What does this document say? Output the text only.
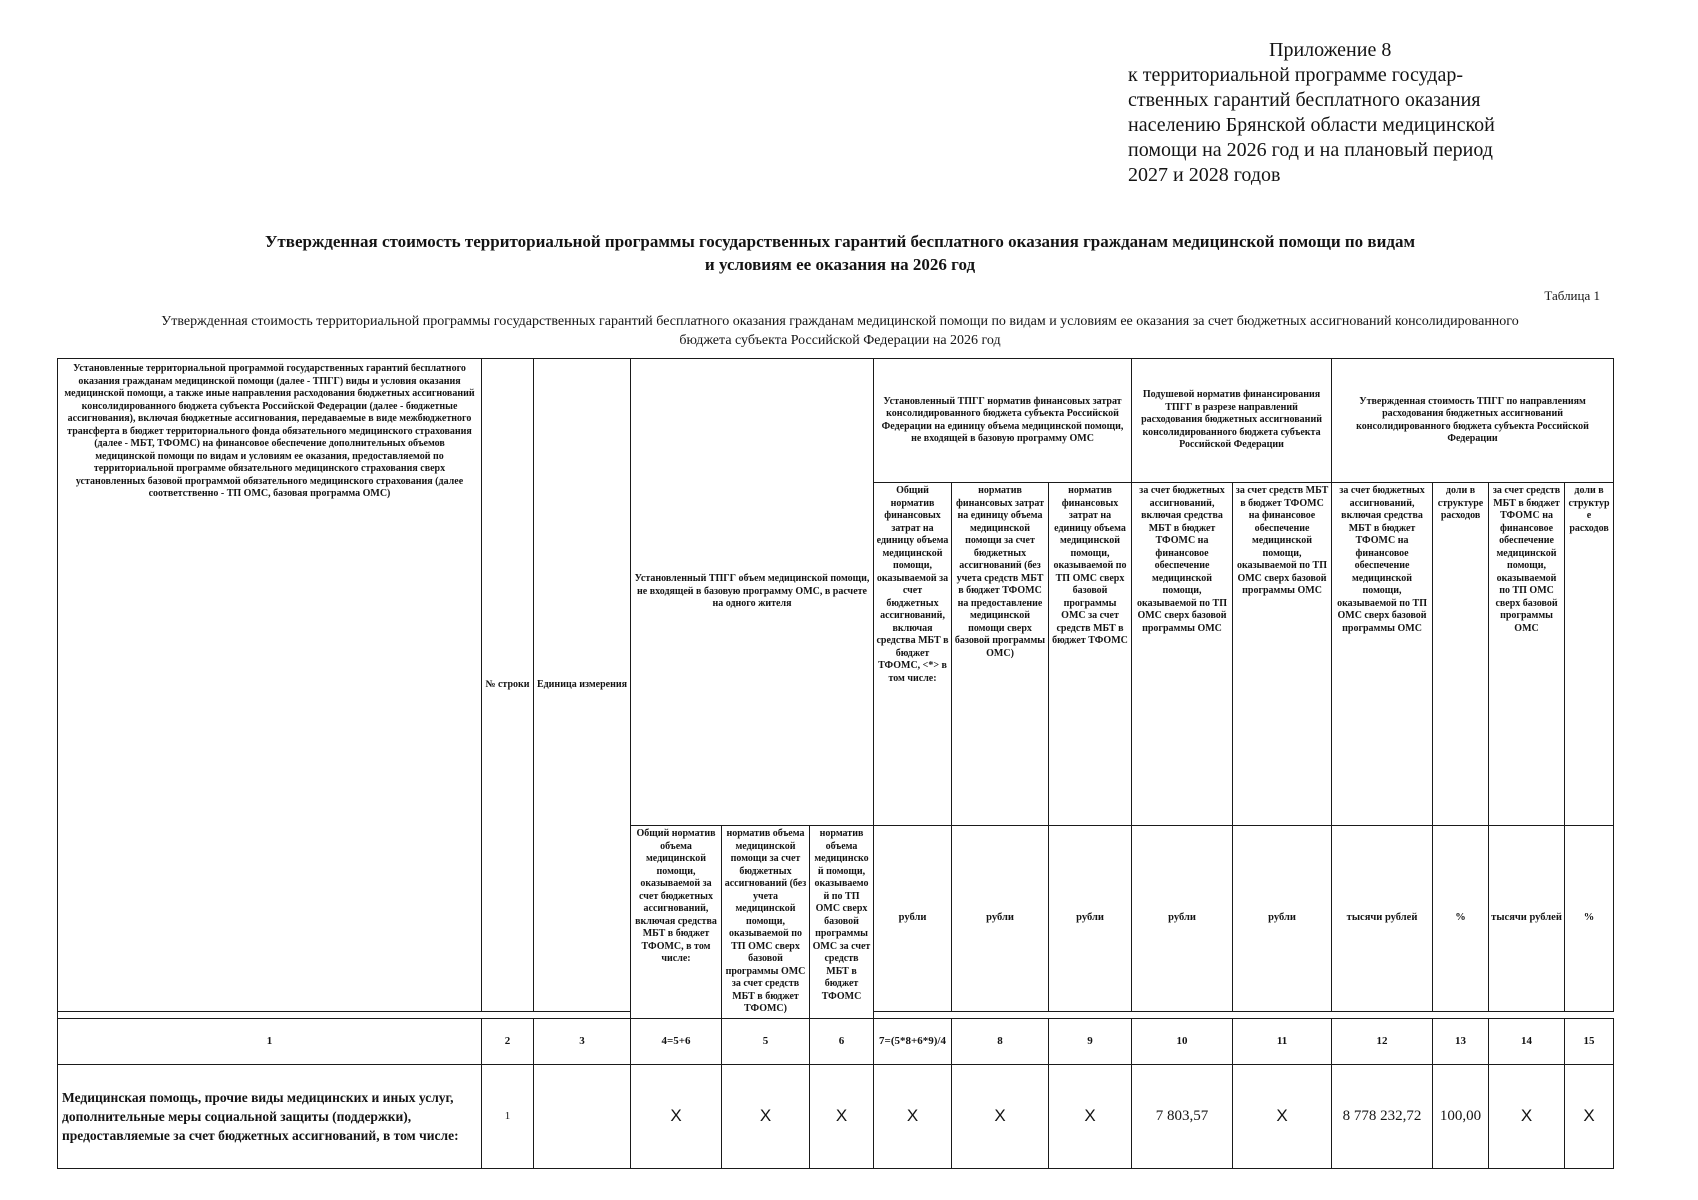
Приложение 8
к территориальной программе государ-
ственных гарантий бесплатного оказания
населению Брянской области медицинской
помощи на 2026 год и на плановый период
2027 и 2028 годов
Утвержденная стоимость территориальной программы государственных гарантий бесплатного оказания гражданам медицинской помощи по видам
и условиям ее оказания на 2026 год
Таблица 1
Утвержденная стоимость территориальной программы государственных гарантий бесплатного оказания гражданам медицинской помощи по видам и условиям ее оказания за счет бюджетных ассигнований консолидированного
бюджета субъекта Российской Федерации на 2026 год
Установленные территориальной программой государственных гарантий бесплатного оказания гражданам медицинской помощи (далее - ТПГГ) виды и условия оказания медицинской помощи, а также иные направления расходования бюджетных ассигнований консолидированного бюджета субъекта Российской Федерации (далее - бюджетные ассигнования), включая бюджетные ассигнования, передаваемые в виде межбюджетного трансферта в бюджет территориального фонда обязательного медицинского страхования (далее - МБТ, ТФОМС) на финансовое обеспечение дополнительных объемов медицинской помощи по видам и условиям ее оказания, предоставляемой по территориальной программе обязательного медицинского страхования сверх установленных базовой программой обязательного медицинского страхования (далее соответственно - ТП ОМС, базовая программа ОМС)	№ строки	Единица измерения	Установленный ТПГГ объем медицинской помощи, не входящей в базовую программу ОМС, в расчете на одного жителя			Установленный ТПГГ норматив финансовых затрат консолидированного бюджета субъекта Российской Федерации на единицу объема медицинской помощи, не входящей в базовую программу ОМС			Подушевой норматив финансирования ТПГГ в разрезе направлений расходования бюджетных ассигнований консолидированного бюджета субъекта Российской Федерации		Утвержденная стоимость ТПГГ по направлениям расходования бюджетных ассигнований консолидированного бюджета субъекта Российской Федерации			
						Общий норматив финансовых затрат на единицу объема медицинской помощи, оказываемой за счет бюджетных ассигнований, включая средства МБТ в бюджет ТФОМС, <*> в том числе:	норматив финансовых затрат на единицу объема медицинской помощи за счет бюджетных ассигнований (без учета средств МБТ в бюджет ТФОМС на предоставление медицинской помощи сверх базовой программы ОМС)	норматив финансовых затрат на единицу объема медицинской помощи, оказываемой по ТП ОМС сверх базовой программы ОМС за счет средств МБТ в бюджет ТФОМС	за счет бюджетных ассигнований, включая средства МБТ в бюджет ТФОМС на финансовое обеспечение медицинской помощи, оказываемой по ТП ОМС сверх базовой программы ОМС	за счет средств МБТ в бюджет ТФОМС на финансовое обеспечение медицинской помощи, оказываемой по ТП ОМС сверх базовой программы ОМС	за счет бюджетных ассигнований, включая средства МБТ в бюджет ТФОМС на финансовое обеспечение медицинской помощи, оказываемой по ТП ОМС сверх базовой программы ОМС	доли в структуре расходов	за счет средств МБТ в бюджет ТФОМС на финансовое обеспечение медицинской помощи, оказываемой по ТП ОМС сверх базовой программы ОМС	доли в структуре расходов
			Общий норматив объема медицинской помощи, оказываемой за счет бюджетных ассигнований, включая средства МБТ в бюджет ТФОМС, в том числе:	норматив объема медицинской помощи за счет бюджетных ассигнований (без учета медицинской помощи, оказываемой по ТП ОМС сверх базовой программы ОМС за счет средств МБТ в бюджет ТФОМС)	норматив объема медицинской помощи, оказываемой по ТП ОМС сверх базовой программы ОМС за счет средств МБТ в бюджет ТФОМС	рубли	рубли	рубли	рубли	рубли	тысячи рублей	%	тысячи рублей	%

1	2	3	4=5+6	5	6	7=(5*8+6*9)/4	8	9	10	11	12	13	14	15
Медицинская помощь, прочие виды медицинских и иных услуг, дополнительные меры социальной защиты (поддержки), предоставляемые за счет бюджетных ассигнований, в том числе:	1		X	X	X	X	X	X	7 803,57	X	8 778 232,72	100,00	X	X
